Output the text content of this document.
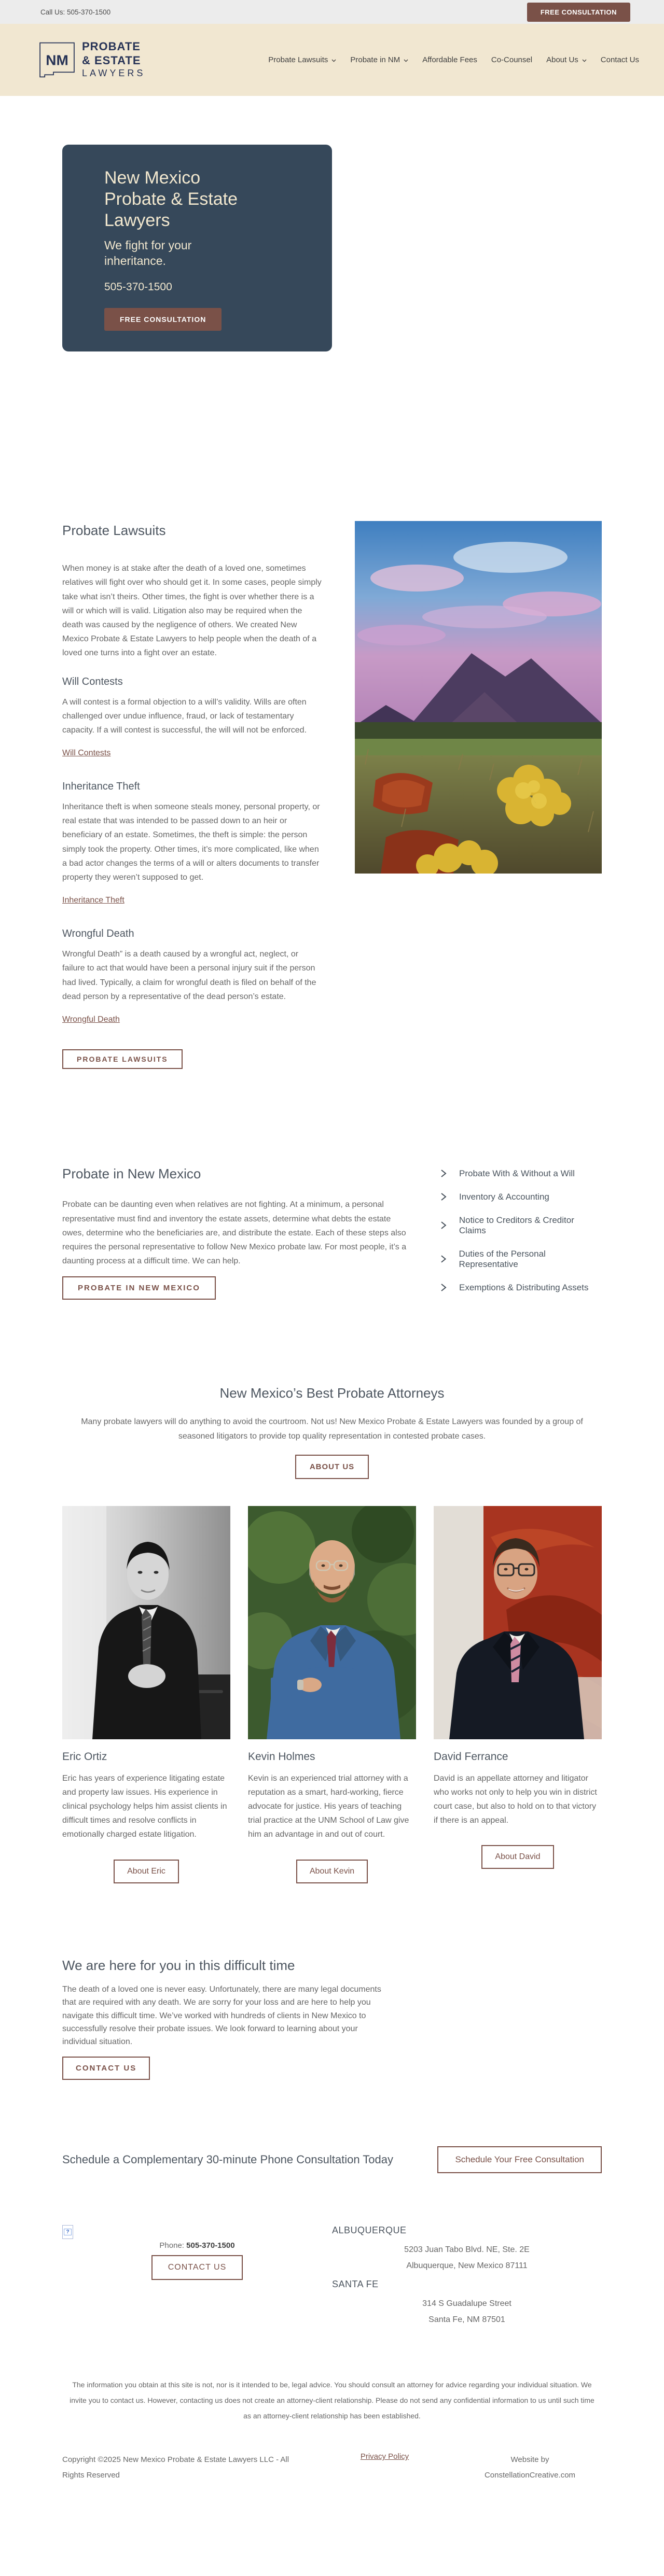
Call Us: 505-370-1500	FREE CONSULTATION
NM
PROBATE
& ESTATE
LAWYERS
Probate Lawsuits	Probate in NM	Affordable Fees Co-Counsel About Us	Contact Us
New Mexico Probate & Estate Lawyers
We fight for your inheritance.
505-370-1500
FREE CONSULTATION
Probate Lawsuits

When money is at stake after the death of a loved one, sometimes relatives will fight over who should get it. In some cases, people simply take what isn’t theirs. Other times, the fight is over whether there is a will or which will is valid. Litigation also may be required when the death was caused by the negligence of others. We created New Mexico Probate & Estate Lawyers to help people when the death of a loved one turns into a fight over an estate.

Will Contests

A will contest is a formal objection to a will’s validity. Wills are often challenged over undue influence, fraud, or lack of testamentary capacity. If a will contest is successful, the will will not be enforced.

Will Contests
Inheritance Theft

Inheritance theft is when someone steals money, personal property, or real estate that was intended to be passed down to an heir or beneficiary of an estate. Sometimes, the theft is simple: the person simply took the property. Other times, it’s more complicated, like when a bad actor changes the terms of a will or alters documents to transfer property they weren’t supposed to get.

Inheritance Theft
Wrongful Death

Wrongful Death” is a death caused by a wrongful act, neglect, or failure to act that would have been a personal injury suit if the person had lived. Typically, a claim for wrongful death is filed on behalf of the dead person by a representative of the dead person’s estate.

Wrongful Death
PROBATE LAWSUITS
Probate in New Mexico

Probate can be daunting even when relatives are not fighting. At a minimum, a personal representative must find and inventory the estate assets, determine what debts the estate owes, determine who the beneficiaries are, and distribute the estate. Each of these steps also requires the personal representative to follow New Mexico probate law. For most people, it’s a daunting process at a difficult time. We can help.

PROBATE IN NEW MEXICO
Probate With & Without a Will
Inventory & Accounting
Notice to Creditors & Creditor Claims
Duties of the Personal Representative
Exemptions & Distributing Assets
New Mexico’s Best Probate Attorneys

Many probate lawyers will do anything to avoid the courtroom. Not us! New Mexico Probate & Estate Lawyers was founded by a group of seasoned litigators to provide top quality representation in contested probate cases.

ABOUT US
Eric Ortiz

Eric has years of experience litigating estate and property law issues. His experience in clinical psychology helps him assist clients in difficult times and resolve conflicts in emotionally charged estate litigation.

About Eric
Kevin Holmes

Kevin is an experienced trial attorney with a reputation as a smart, hard-working, fierce advocate for justice. His years of teaching trial practice at the UNM School of Law give him an advantage in and out of court.

About Kevin
David Ferrance

David is an appellate attorney and litigator who works not only to help you win in district court case, but also to hold on to that victory if there is an appeal.

About David
We are here for you in this difficult time

The death of a loved one is never easy. Unfortunately, there are many legal documents that are required with any death. We are sorry for your loss and are here to help you navigate this difficult time. We’ve worked with hundreds of clients in New Mexico to successfully resolve their probate issues. We look forward to learning about your individual situation.

CONTACT US
Schedule a Complementary 30-minute Phone Consultation Today	Schedule Your Free Consultation
?
Phone: 505-370-1500
CONTACT US
ALBUQUERQUE
5203 Juan Tabo Blvd. NE, Ste. 2E
Albuquerque, New Mexico 87111
SANTA FE
314 S Guadalupe Street
Santa Fe, NM 87501

The information you obtain at this site is not, nor is it intended to be, legal advice. You should consult an attorney for advice regarding your individual situation. We invite you to contact us. However, contacting us does not create an attorney-client relationship. Please do not send any confidential information to us until such time as an attorney-client relationship has been established.

Copyright ©2025 New Mexico Probate & Estate Lawyers LLC - All Rights Reserved
Privacy Policy	Website by
ConstellationCreative.com
